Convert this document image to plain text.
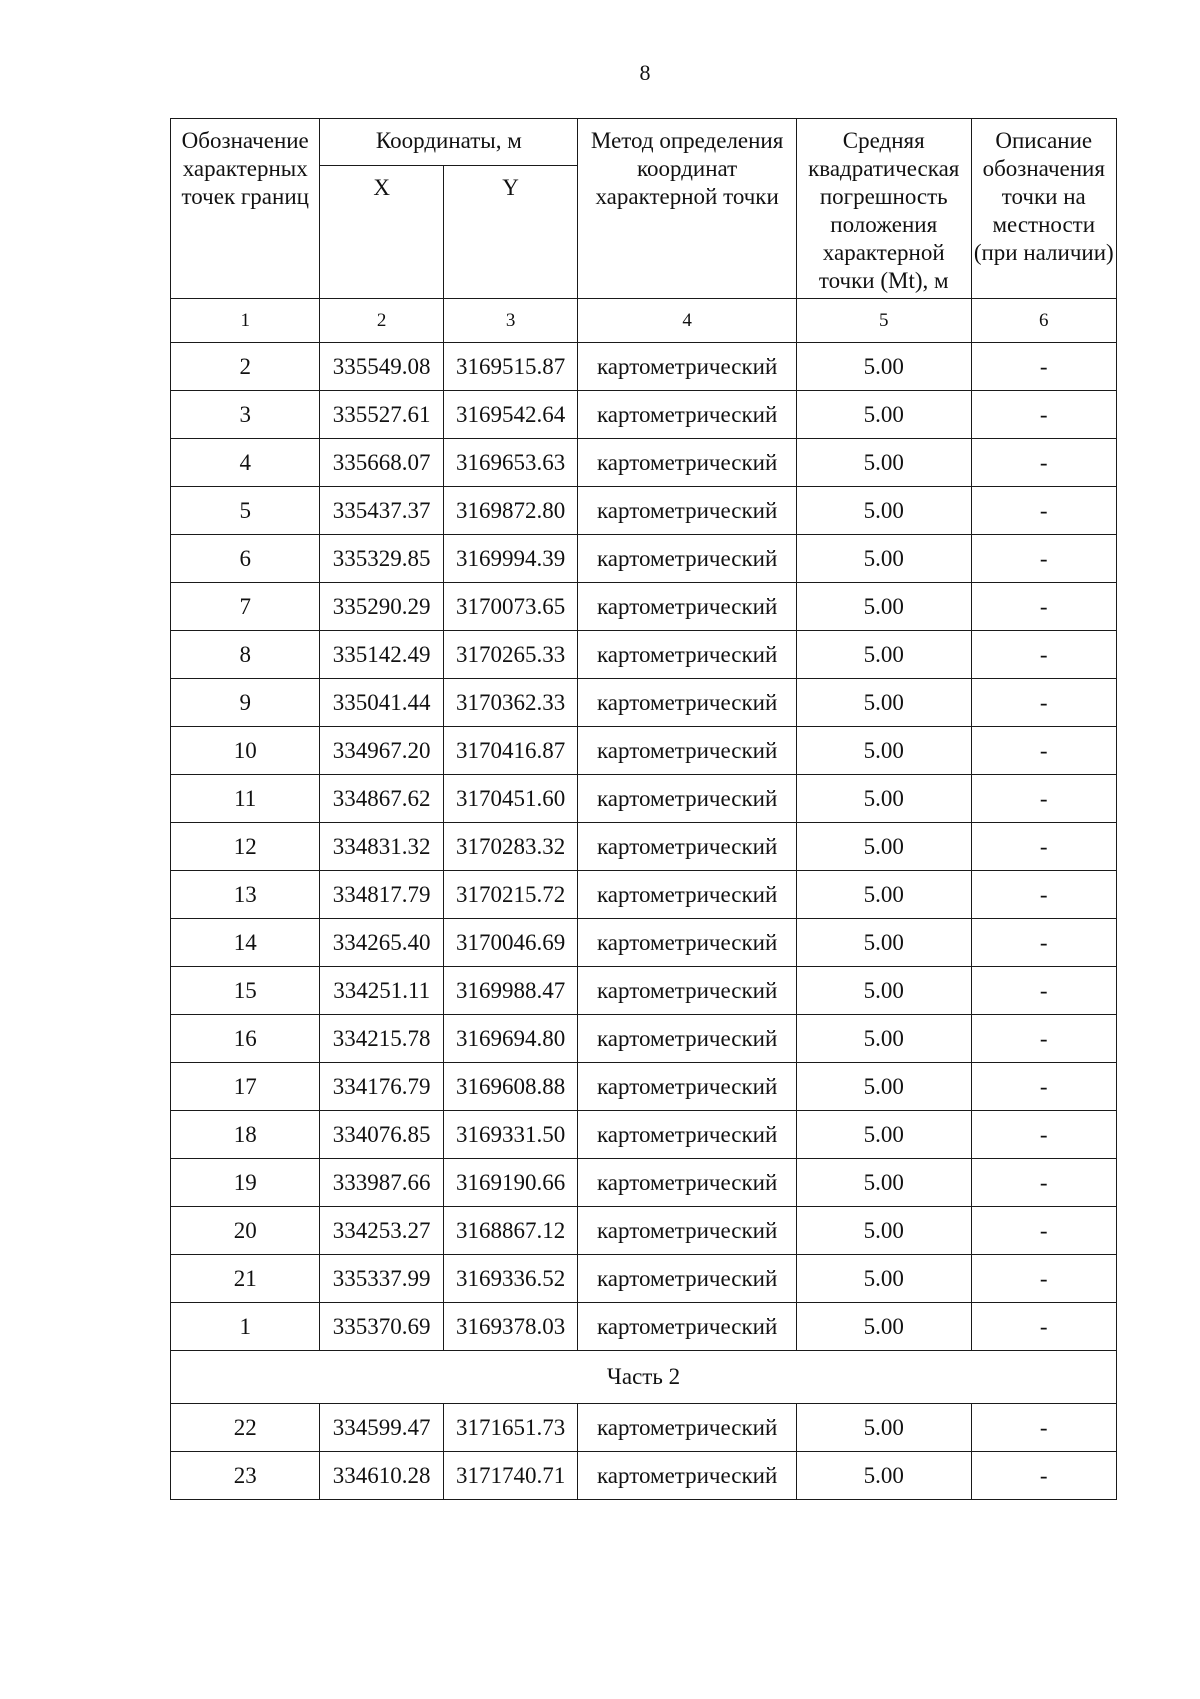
8
Обозначение характерных точек границ	Координаты, м		Метод определения координат характерной точки	Средняя квадратическая погрешность положения характерной точки (Mt), м	Описание обозначения точки на местности (при наличии)
	X	Y			
1	2	3	4	5	6
2	335549.08	3169515.87	картометрический	5.00	-
3	335527.61	3169542.64	картометрический	5.00	-
4	335668.07	3169653.63	картометрический	5.00	-
5	335437.37	3169872.80	картометрический	5.00	-
6	335329.85	3169994.39	картометрический	5.00	-
7	335290.29	3170073.65	картометрический	5.00	-
8	335142.49	3170265.33	картометрический	5.00	-
9	335041.44	3170362.33	картометрический	5.00	-
10	334967.20	3170416.87	картометрический	5.00	-
11	334867.62	3170451.60	картометрический	5.00	-
12	334831.32	3170283.32	картометрический	5.00	-
13	334817.79	3170215.72	картометрический	5.00	-
14	334265.40	3170046.69	картометрический	5.00	-
15	334251.11	3169988.47	картометрический	5.00	-
16	334215.78	3169694.80	картометрический	5.00	-
17	334176.79	3169608.88	картометрический	5.00	-
18	334076.85	3169331.50	картометрический	5.00	-
19	333987.66	3169190.66	картометрический	5.00	-
20	334253.27	3168867.12	картометрический	5.00	-
21	335337.99	3169336.52	картометрический	5.00	-
1	335370.69	3169378.03	картометрический	5.00	-
Часть 2					
22	334599.47	3171651.73	картометрический	5.00	-
23	334610.28	3171740.71	картометрический	5.00	-
